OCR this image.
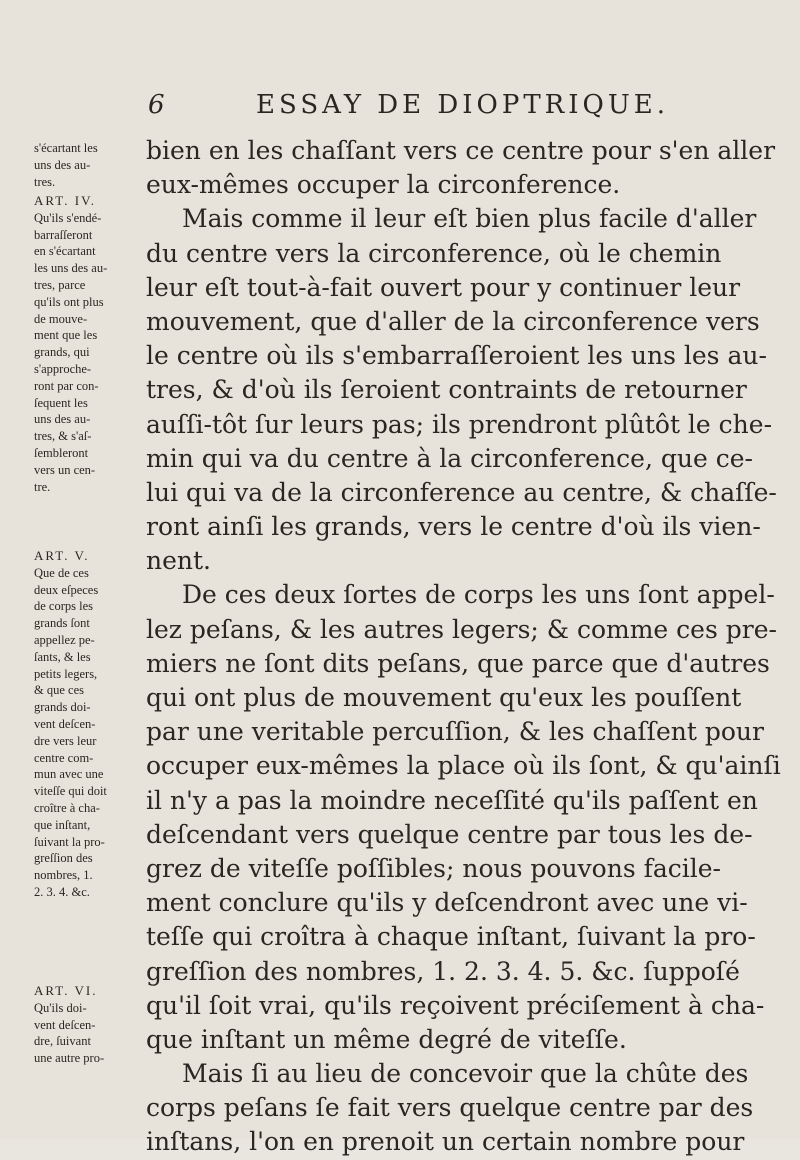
6	ESSAY DE DIOPTRIQUE.
bien en les chaſſant vers ce centre pour s'en aller
eux-mêmes occuper la circonference.
Mais comme il leur eſt bien plus facile d'aller
du centre vers la circonference, où le chemin
leur eſt tout-à-fait ouvert pour y continuer leur
mouvement, que d'aller de la circonference vers
le centre où ils s'embarraſſeroient les uns les au-
tres, & d'où ils ſeroient contraints de retourner
auſſi-tôt ſur leurs pas; ils prendront plûtôt le che-
min qui va du centre à la circonference, que ce-
lui qui va de la circonference au centre, & chaſſe-
ront ainſi les grands, vers le centre d'où ils vien-
nent.
De ces deux ſortes de corps les uns ſont appel-
lez peſans, & les autres legers; & comme ces pre-
miers ne ſont dits peſans, que parce que d'autres
qui ont plus de mouvement qu'eux les pouſſent
par une veritable percuſſion, & les chaſſent pour
occuper eux-mêmes la place où ils ſont, & qu'ainſi
il n'y a pas la moindre neceſſité qu'ils paſſent en
deſcendant vers quelque centre par tous les de-
grez de viteſſe poſſibles; nous pouvons facile-
ment conclure qu'ils y deſcendront avec une vi-
teſſe qui croîtra à chaque inſtant, ſuivant la pro-
greſſion des nombres, 1. 2. 3. 4. 5. &c. ſuppoſé
qu'il ſoit vrai, qu'ils reçoivent préciſement à cha-
que inſtant un même degré de viteſſe.
Mais ſi au lieu de concevoir que la chûte des
corps peſans ſe fait vers quelque centre par des
inſtans, l'on en prenoit un certain nombre pour
s'écartant les
uns des au-
tres.
ART. IV.
Qu'ils s'endé-
barraſſeront
en s'écartant
les uns des au-
tres, parce
qu'ils ont plus
de mouve-
ment que les
grands, qui
s'approche-
ront par con-
ſequent les
uns des au-
tres, & s'aſ-
ſembleront
vers un cen-
tre.
ART. V.
Que de ces
deux eſpeces
de corps les
grands ſont
appellez pe-
ſants, & les
petits legers,
& que ces
grands doi-
vent deſcen-
dre vers leur
centre com-
mun avec une
viteſſe qui doit
croître à cha-
que inſtant,
ſuivant la pro-
greſſion des
nombres, 1.
2. 3. 4. &c.
ART. VI.
Qu'ils doi-
vent deſcen-
dre, ſuivant
une autre pro-
